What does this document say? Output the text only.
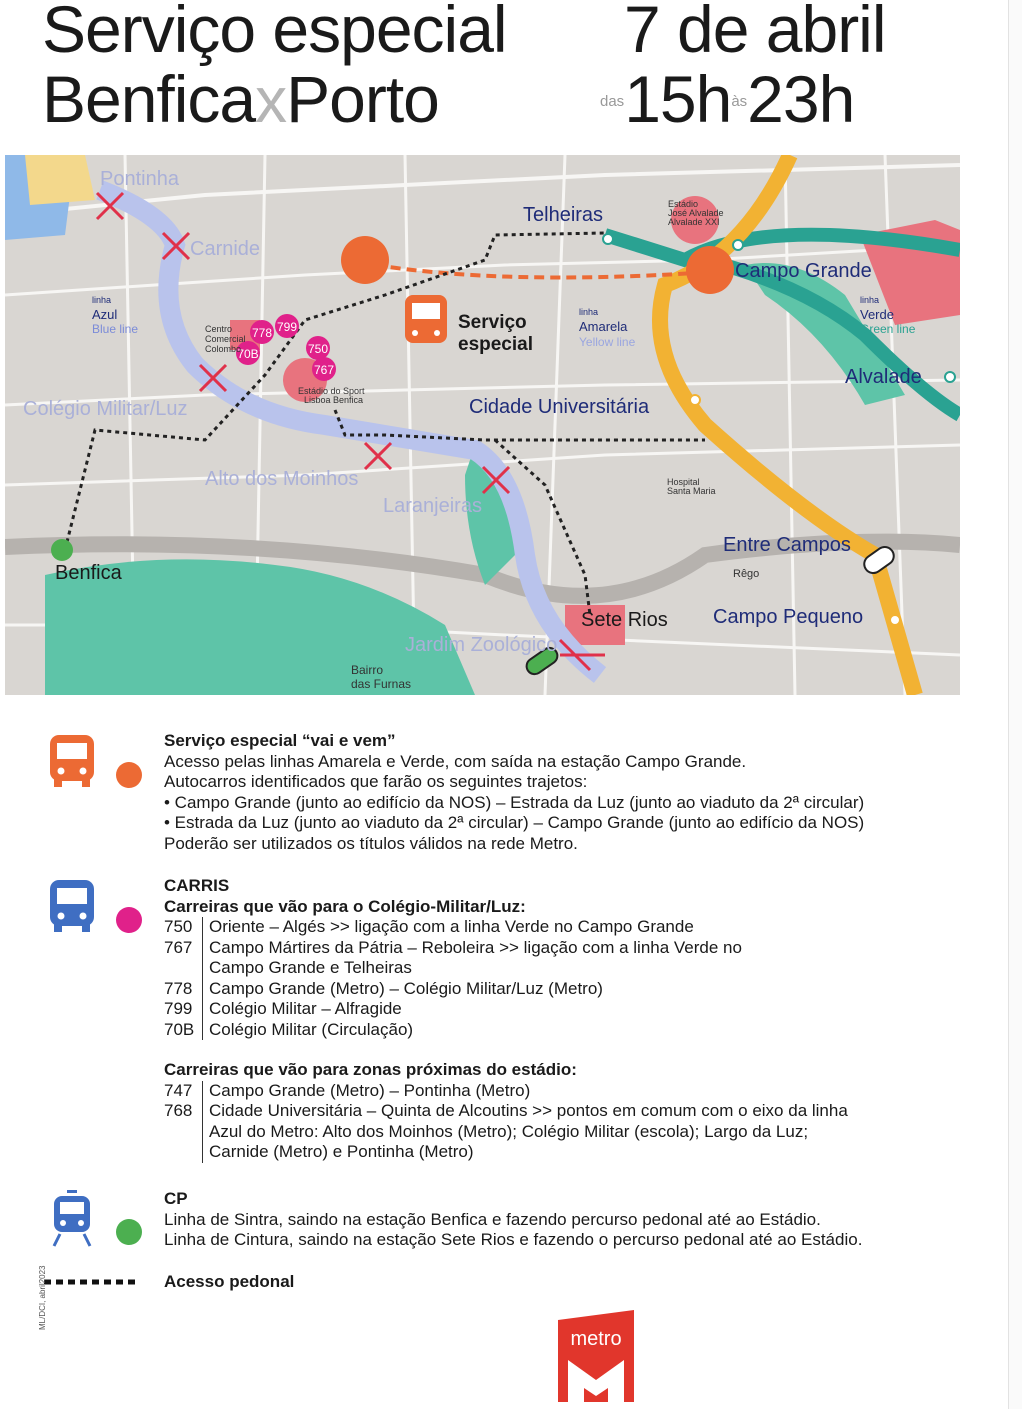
Serviço especial
BenficaxPorto
7 de abril
$^{das}15h^{às}23h$
Serviço
especial
778 799
70B	750
767
Pontinha
Carnide
Colégio Militar/Luz
Alto dos Moinhos
Laranjeiras
Jardim Zoológico
Telheiras
Campo Grande
Cidade Universitária
Alvalade
Entre Campos
Campo Pequeno
Sete Rios
Benfica
linha
Azul
Blue line
linha
Amarela
Yellow line
linha
Verde
Green line
Centro
Comercial
Colombo
Estádio do Sport
Lisboa Benfica
Estádio
José Alvalade
Alvalade XXI
Hospital
Santa Maria
Rêgo
Bairro
das Furnas
Serviço especial “vai e vem”
Acesso pelas linhas Amarela e Verde, com saída na estação Campo Grande.
Autocarros identificados que farão os seguintes trajetos:
• Campo Grande (junto ao edifício da NOS) – Estrada da Luz (junto ao viaduto da 2ª circular)
• Estrada da Luz (junto ao viaduto da 2ª circular) – Campo Grande (junto ao edifício da NOS)
Poderão ser utilizados os títulos válidos na rede Metro.
CARRIS
Carreiras que vão para o Colégio-Militar/Luz:
750 Oriente – Algés >> ligação com a linha Verde no Campo Grande
767 Campo Mártires da Pátria – Reboleira >> ligação com a linha Verde no Campo Grande e Telheiras
778 Campo Grande (Metro) – Colégio Militar/Luz (Metro)
799 Colégio Militar – Alfragide
70B Colégio Militar (Circulação)
Carreiras que vão para zonas próximas do estádio:
747 Campo Grande (Metro) – Pontinha (Metro)
768 Cidade Universitária – Quinta de Alcoutins >> pontos em comum com o eixo da linha Azul do Metro: Alto dos Moinhos (Metro); Colégio Militar (escola); Largo da Luz; Carnide (Metro) e Pontinha (Metro)
CP
Linha de Sintra, saindo na estação Benfica e fazendo percurso pedonal até ao Estádio.
Linha de Cintura, saindo na estação Sete Rios e fazendo o percurso pedonal até ao Estádio.
Acesso pedonal
metro
ML/DCI, abril2023
